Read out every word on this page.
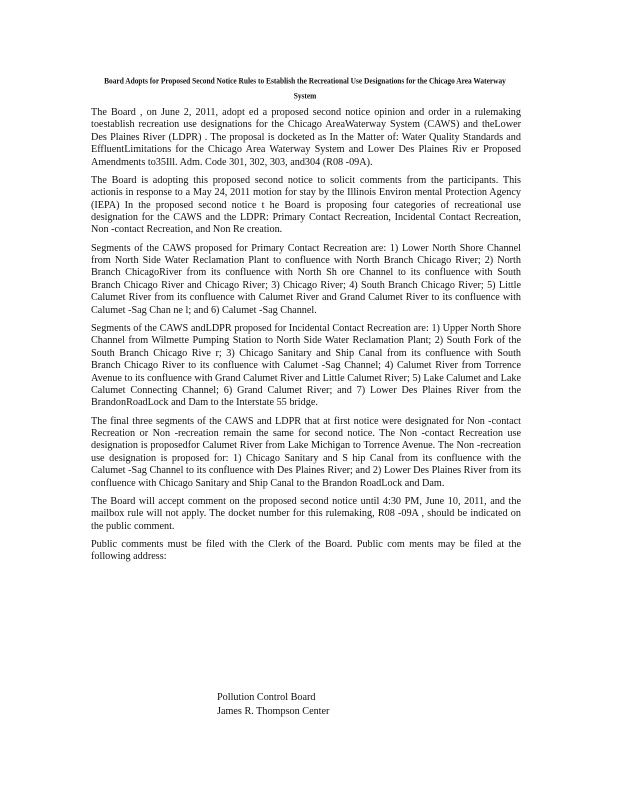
Board Adopts for Proposed Second Notice Rules to Establish the Recreational Use Designations for the Chicago Area Waterway System

The Board , on June 2, 2011, adopt ed a proposed second notice opinion and order in a rulemaking toestablish recreation use designations for the Chicago AreaWaterway System (CAWS) and theLower Des Plaines River (LDPR) . The proposal is docketed as In the Matter of: Water Quality Standards and EffluentLimitations for the Chicago Area Waterway System and Lower Des Plaines Riv er Proposed Amendments to35Ill. Adm. Code 301, 302, 303, and304 (R08 -09A).

The Board is adopting this proposed second notice to solicit comments from the participants. This actionis in response to a May 24, 2011 motion for stay by the Illinois Environ mental Protection Agency (IEPA) In the proposed second notice t he Board is proposing four categories of recreational use designation for the CAWS and the LDPR: Primary Contact Recreation, Incidental Contact Recreation, Non -contact Recreation, and Non Re creation.

Segments of the CAWS proposed for Primary Contact Recreation are: 1) Lower North Shore Channel from North Side Water Reclamation Plant to confluence with North Branch Chicago River; 2) North Branch ChicagoRiver from its confluence with North Sh ore Channel to its confluence with South Branch Chicago River and Chicago River; 3) Chicago River; 4) South Branch Chicago River; 5) Little Calumet River from its confluence with Calumet River and Grand Calumet River to its confluence with Calumet -Sag Chan ne l; and 6) Calumet -Sag Channel.

Segments of the CAWS andLDPR proposed for Incidental Contact Recreation are: 1) Upper North Shore Channel from Wilmette Pumping Station to North Side Water Reclamation Plant; 2) South Fork of the South Branch Chicago Rive r; 3) Chicago Sanitary and Ship Canal from its confluence with South Branch Chicago River to its confluence with Calumet -Sag Channel; 4) Calumet River from Torrence Avenue to its confluence with Grand Calumet River and Little Calumet River; 5) Lake Calumet and Lake Calumet Connecting Channel; 6) Grand Calumet River; and 7) Lower Des Plaines River from the BrandonRoadLock and Dam to the Interstate 55 bridge.

The final three segments of the CAWS and LDPR that at first notice were designated for Non -contact Recreation or Non -recreation remain the same for second notice. The Non -contact Recreation use designation is proposedfor Calumet River from Lake Michigan to Torrence Avenue. The Non -recreation use designation is proposed for: 1) Chicago Sanitary and S hip Canal from its confluence with the Calumet -Sag Channel to its confluence with Des Plaines River; and 2) Lower Des Plaines River from its confluence with Chicago Sanitary and Ship Canal to the Brandon RoadLock and Dam.

The Board will accept comment on the proposed second notice until 4:30 PM, June 10, 2011, and the mailbox rule will not apply. The docket number for this rulemaking, R08 -09A , should be indicated on the public comment.

Public comments must be filed with the Clerk of the Board. Public com ments may be filed at the following address:

Pollution Control Board
James R. Thompson Center
